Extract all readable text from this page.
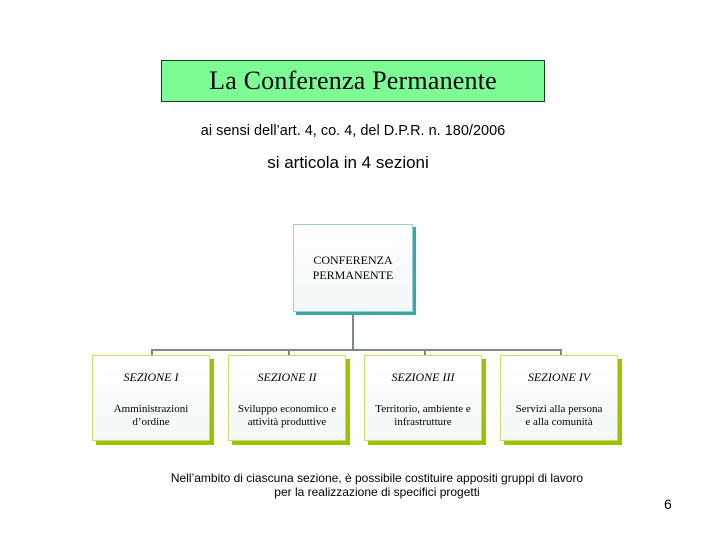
La Conferenza Permanente
ai sensi dell’art. 4, co. 4, del D.P.R. n. 180/2006
si articola in 4 sezioni
CONFERENZA
PERMANENTE
SEZIONE I
Amministrazioni
d’ordine
SEZIONE II
Sviluppo economico e
attività produttive
SEZIONE III
Territorio, ambiente e
infrastrutture
SEZIONE IV
Servizi alla persona
e alla comunità
Nell’ambito di ciascuna sezione, è possibile costituire appositi gruppi di lavoro per la realizzazione di specifici progetti
6
